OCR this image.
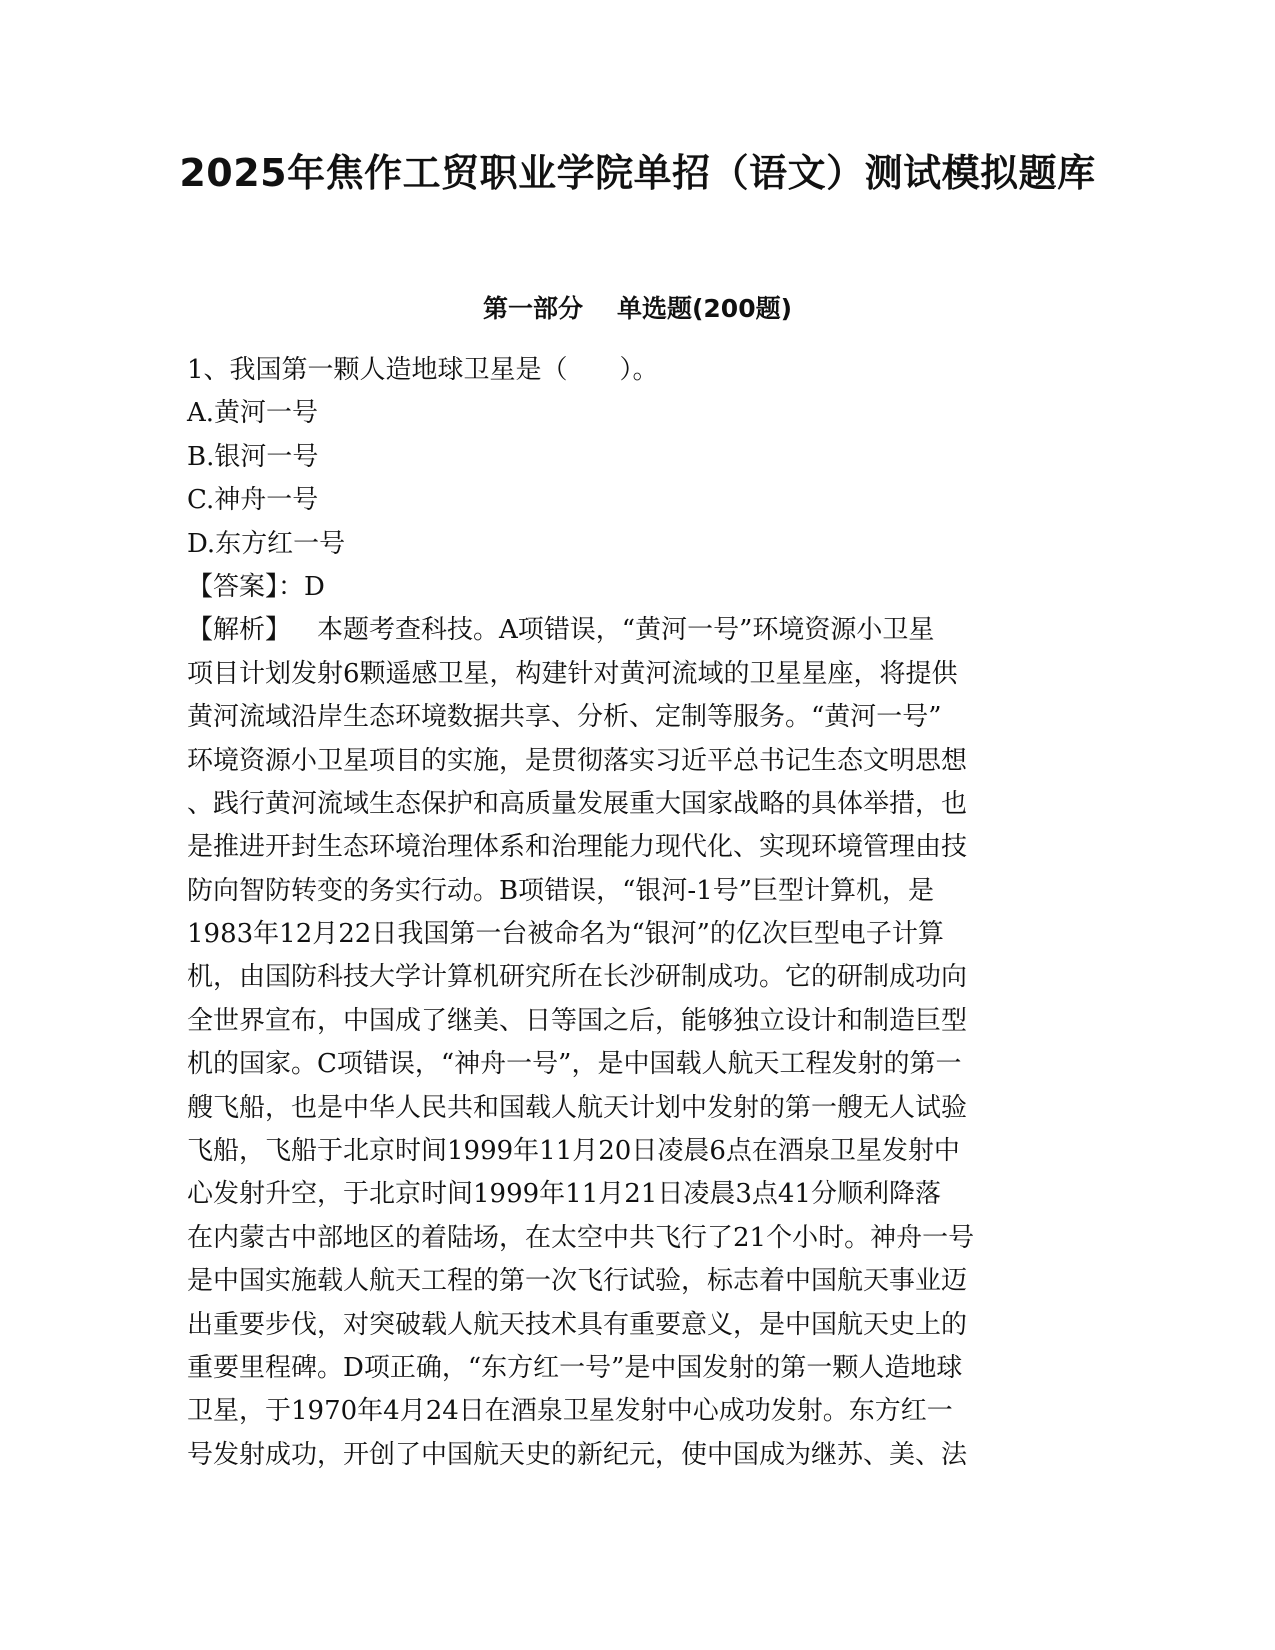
2025年焦作工贸职业学院单招（语文）测试模拟题库
第一部分 单选题(200题)

1、我国第一颗人造地球卫星是（　　）。

A.黄河一号

B.银河一号

C.神舟一号

D.东方红一号

【答案】：D

【解析】 本题考查科技。A项错误，“黄河一号”环境资源小卫星

项目计划发射6颗遥感卫星，构建针对黄河流域的卫星星座，将提供

黄河流域沿岸生态环境数据共享、分析、定制等服务。“黄河一号”

环境资源小卫星项目的实施，是贯彻落实习近平总书记生态文明思想

、践行黄河流域生态保护和高质量发展重大国家战略的具体举措，也

是推进开封生态环境治理体系和治理能力现代化、实现环境管理由技

防向智防转变的务实行动。B项错误，“银河-1号”巨型计算机，是

1983年12月22日我国第一台被命名为“银河”的亿次巨型电子计算

机，由国防科技大学计算机研究所在长沙研制成功。它的研制成功向

全世界宣布，中国成了继美、日等国之后，能够独立设计和制造巨型

机的国家。C项错误，“神舟一号”，是中国载人航天工程发射的第一

艘飞船，也是中华人民共和国载人航天计划中发射的第一艘无人试验

飞船，飞船于北京时间1999年11月20日凌晨6点在酒泉卫星发射中

心发射升空，于北京时间1999年11月21日凌晨3点41分顺利降落

在内蒙古中部地区的着陆场，在太空中共飞行了21个小时。神舟一号

是中国实施载人航天工程的第一次飞行试验，标志着中国航天事业迈

出重要步伐，对突破载人航天技术具有重要意义，是中国航天史上的

重要里程碑。D项正确，“东方红一号”是中国发射的第一颗人造地球

卫星，于1970年4月24日在酒泉卫星发射中心成功发射。东方红一

号发射成功，开创了中国航天史的新纪元，使中国成为继苏、美、法
